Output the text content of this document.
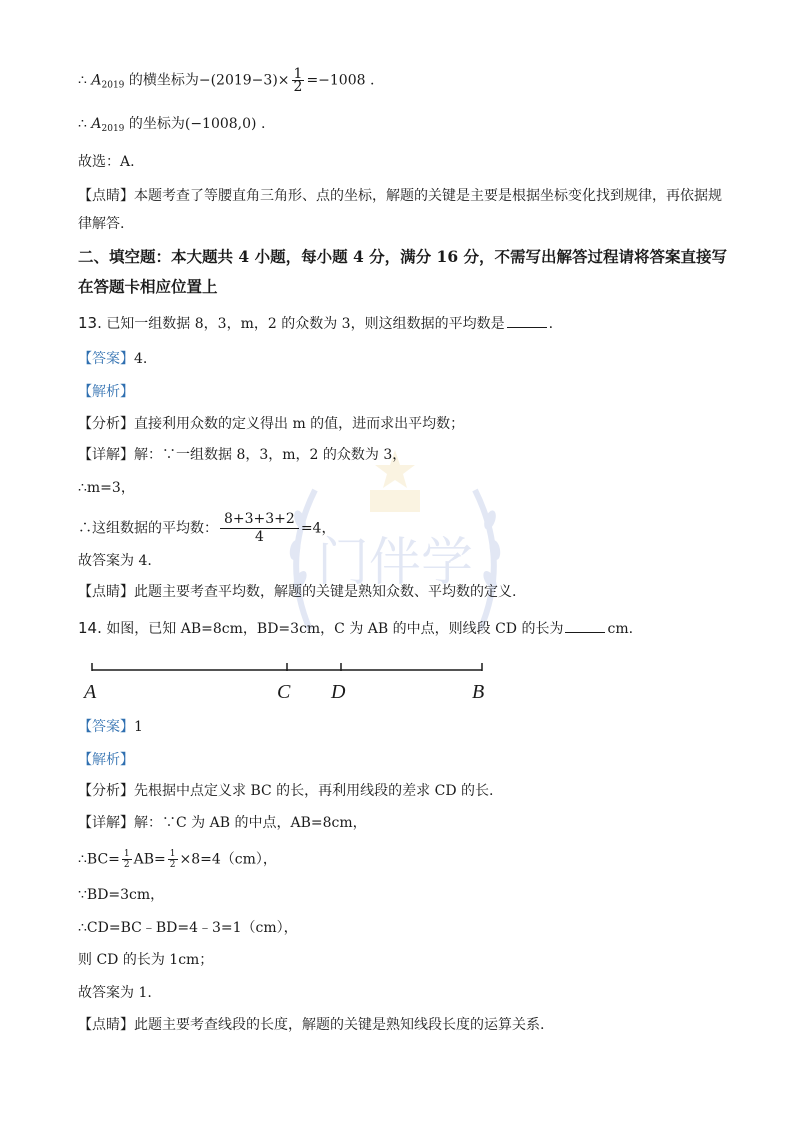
门伴学
∴ $A_{2019}$ 的横坐标为$-(2019-3)\times \frac{1}{2} =-1008$ .
∴ $A_{2019}$ 的坐标为(−1008,0) .
故选：A.
【点睛】本题考查了等腰直角三角形、点的坐标，解题的关键是主要是根据坐标变化找到规律，再依据规
律解答.
二、填空题：本大题共 4 小题，每小题 4 分，满分 16 分，不需写出解答过程请将答案直接写
在答题卡相应位置上
13. 已知一组数据 8，3，m，2 的众数为 3，则这组数据的平均数是	.
【答案】4.
【解析】
【分析】直接利用众数的定义得出 m 的值，进而求出平均数；
【详解】解：∵一组数据 8，3，m，2 的众数为 3，
∴m=3，
∴这组数据的平均数： $\frac{8+3+3+2}{4} =4$，
故答案为 4.
【点睛】此题主要考查平均数，解题的关键是熟知众数、平均数的定义.
14. 如图，已知 AB=8cm，BD=3cm，C 为 AB 的中点，则线段 CD 的长为	cm.
A	C D	B
【答案】1
【解析】
【分析】先根据中点定义求 BC 的长，再利用线段的差求 CD 的长.
【详解】解：∵C 为 AB 的中点，AB=8cm，
∴BC= $\frac{1}{2} AB= \frac{1}{2} \times 8=4(cm)$，
∵BD=3cm，
∴CD=BC﹣BD=4﹣3=1（cm），
则 CD 的长为 1cm；
故答案为 1.
【点睛】此题主要考查线段的长度，解题的关键是熟知线段长度的运算关系.
